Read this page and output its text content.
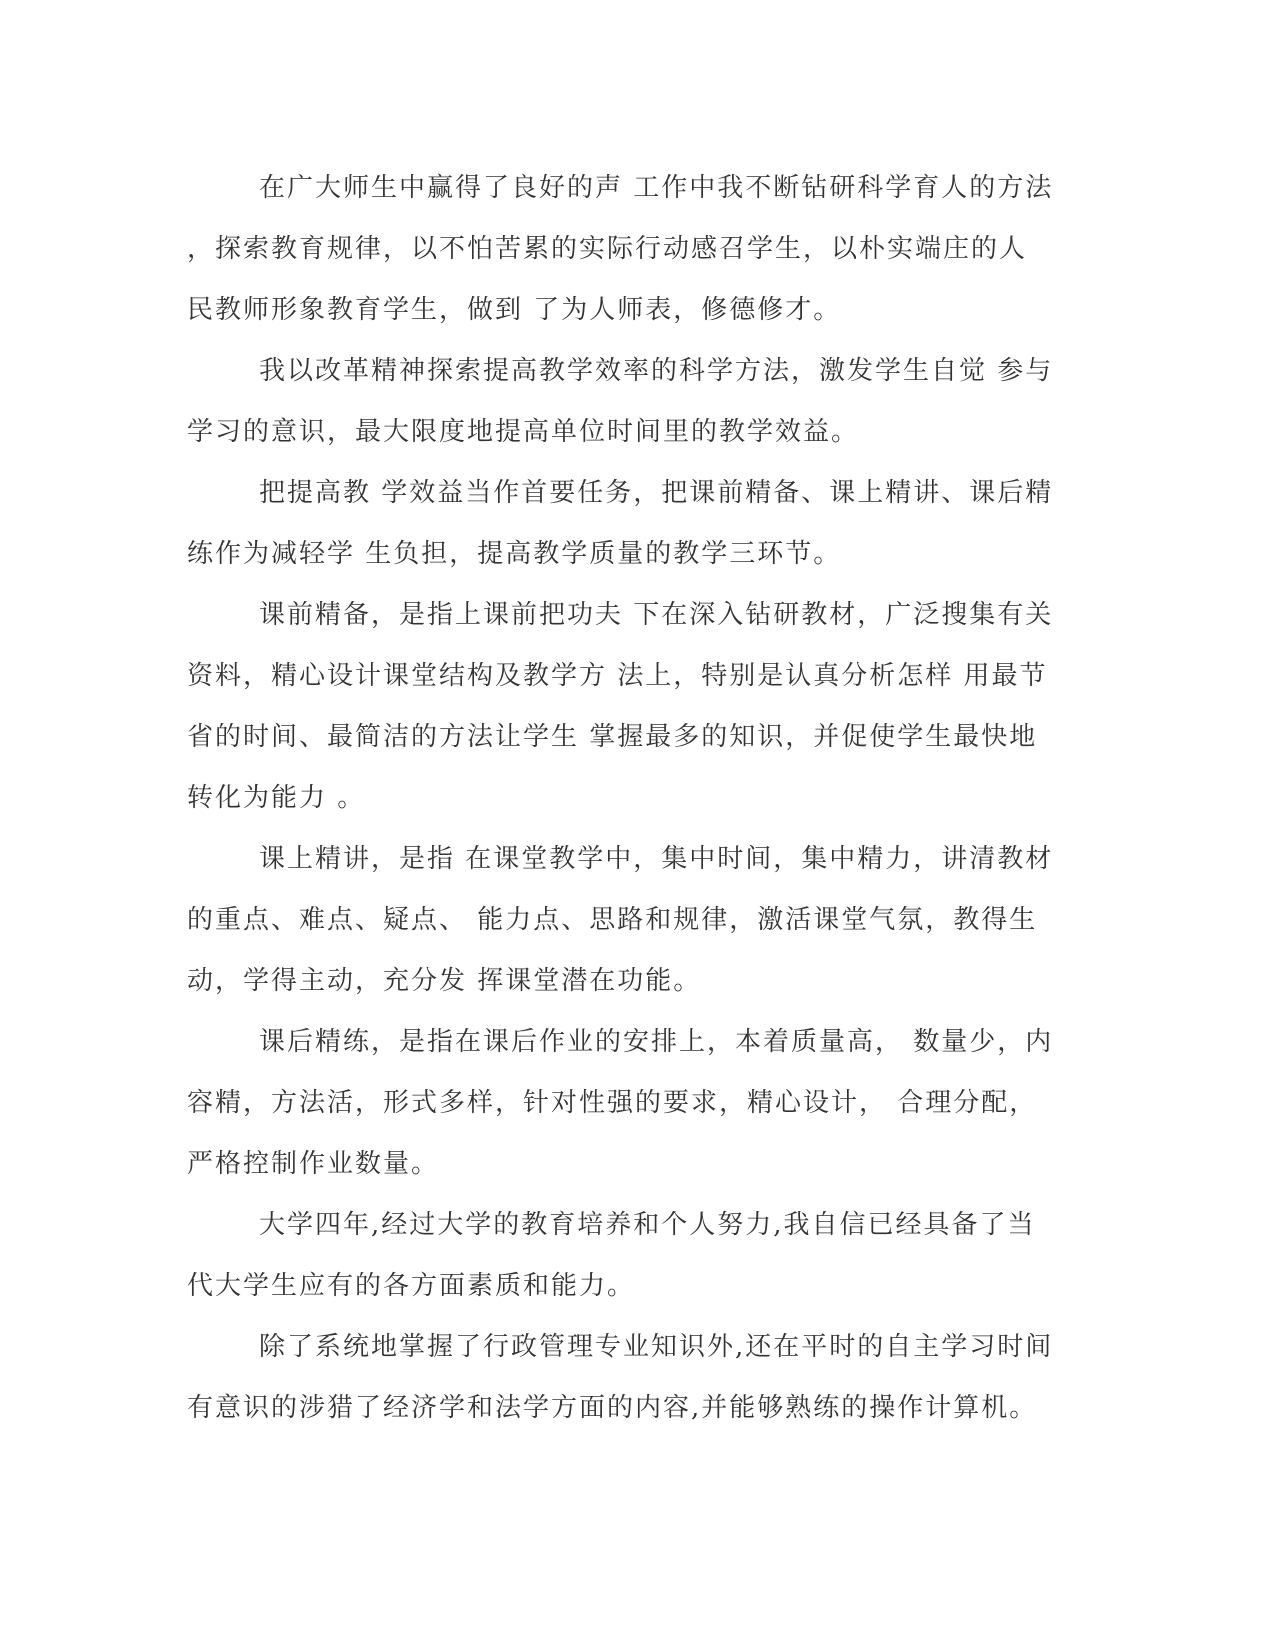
在广大师生中赢得了良好的声 工作中我不断钻研科学育人的方法
，探索教育规律，以不怕苦累的实际行动感召学生，以朴实端庄的人
民教师形象教育学生，做到 了为人师表，修德修才。

我以改革精神探索提高教学效率的科学方法，激发学生自觉 参与
学习的意识，最大限度地提高单位时间里的教学效益。

把提高教 学效益当作首要任务，把课前精备、课上精讲、课后精
练作为减轻学 生负担，提高教学质量的教学三环节。

课前精备，是指上课前把功夫 下在深入钻研教材，广泛搜集有关
资料，精心设计课堂结构及教学方 法上，特别是认真分析怎样 用最节
省的时间、最简洁的方法让学生 掌握最多的知识，并促使学生最快地
转化为能力 。

课上精讲，是指 在课堂教学中，集中时间，集中精力，讲清教材
的重点、难点、疑点、 能力点、思路和规律，激活课堂气氛，教得生
动，学得主动，充分发 挥课堂潜在功能。

课后精练，是指在课后作业的安排上，本着质量高， 数量少，内
容精，方法活，形式多样，针对性强的要求，精心设计， 合理分配，
严格控制作业数量。

大学四年,经过大学的教育培养和个人努力,我自信已经具备了当
代大学生应有的各方面素质和能力。

除了系统地掌握了行政管理专业知识外,还在平时的自主学习时间
有意识的涉猎了经济学和法学方面的内容,并能够熟练的操作计算机。
